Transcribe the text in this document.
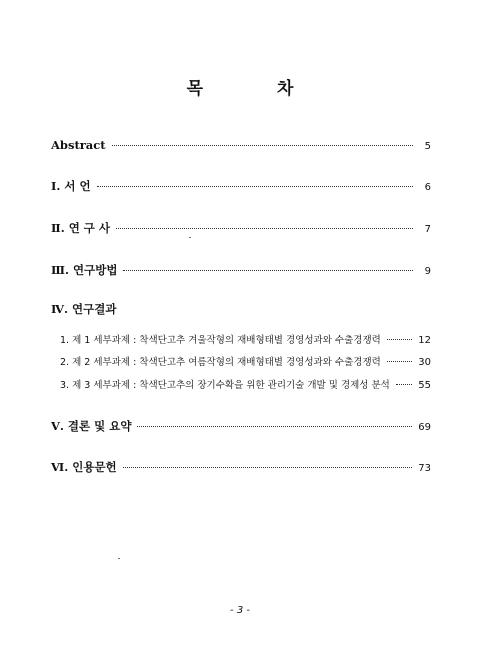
목 차
Abstract	5
Ⅰ. 서 언	6
Ⅱ. 연 구 사	7
Ⅲ. 연구방법	9
Ⅳ. 연구결과
1. 제 1 세부과제 : 착색단고추 겨울작형의 재배형태별 경영성과와 수출경쟁력	12
2. 제 2 세부과제 : 착색단고추 여름작형의 재배형태별 경영성과와 수출경쟁력	30
3. 제 3 세부과제 : 착색단고추의 장기수확을 위한 관리기술 개발 및 경제성 분석	55
Ⅴ. 결론 및 요약	69
Ⅵ. 인용문헌	73
- 3 -
